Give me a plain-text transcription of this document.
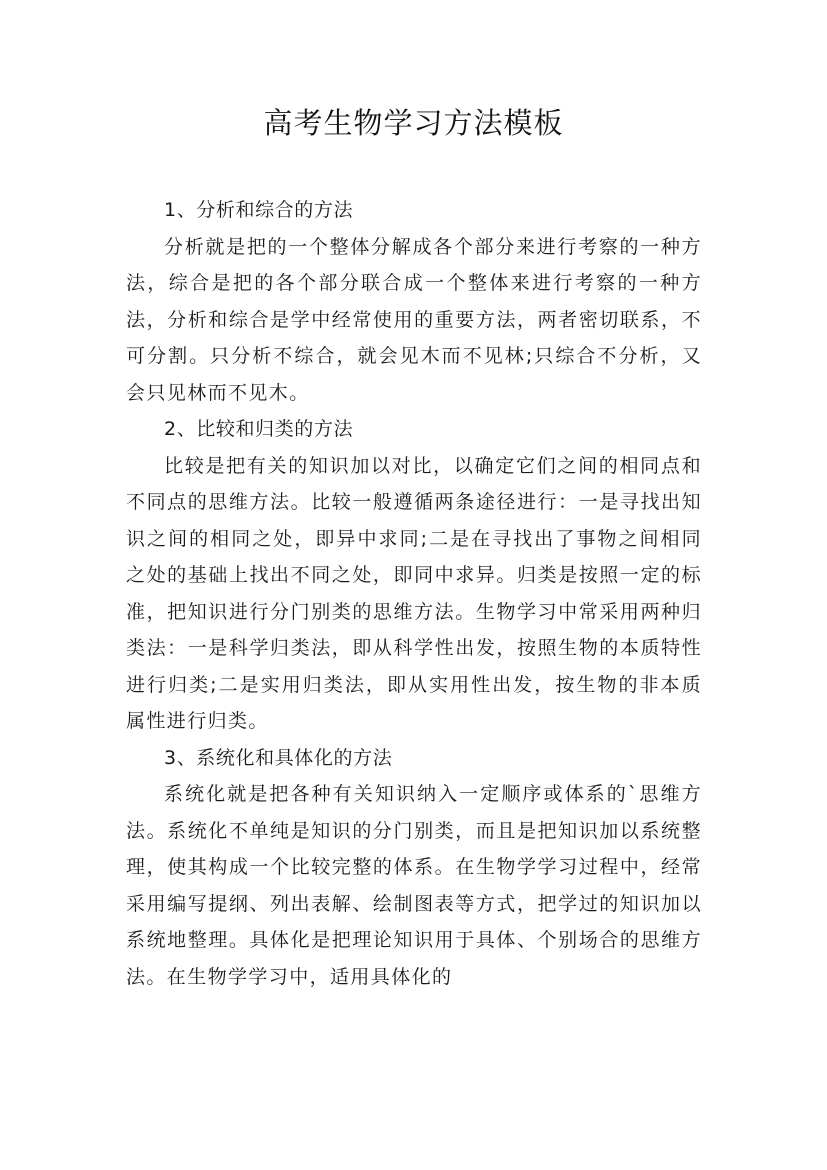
高考生物学习方法模板

1、分析和综合的方法

分析就是把的一个整体分解成各个部分来进行考察的一种方法，综合是把的各个部分联合成一个整体来进行考察的一种方法，分析和综合是学中经常使用的重要方法，两者密切联系，不可分割。只分析不综合，就会见木而不见林;只综合不分析，又会只见林而不见木。

2、比较和归类的方法

比较是把有关的知识加以对比，以确定它们之间的相同点和不同点的思维方法。比较一般遵循两条途径进行：一是寻找出知识之间的相同之处，即异中求同;二是在寻找出了事物之间相同之处的基础上找出不同之处，即同中求异。归类是按照一定的标准，把知识进行分门别类的思维方法。生物学习中常采用两种归类法：一是科学归类法，即从科学性出发，按照生物的本质特性进行归类;二是实用归类法，即从实用性出发，按生物的非本质属性进行归类。

3、系统化和具体化的方法

系统化就是把各种有关知识纳入一定顺序或体系的`思维方法。系统化不单纯是知识的分门别类，而且是把知识加以系统整理，使其构成一个比较完整的体系。在生物学学习过程中，经常采用编写提纲、列出表解、绘制图表等方式，把学过的知识加以系统地整理。具体化是把理论知识用于具体、个别场合的思维方法。在生物学学习中，适用具体化的
